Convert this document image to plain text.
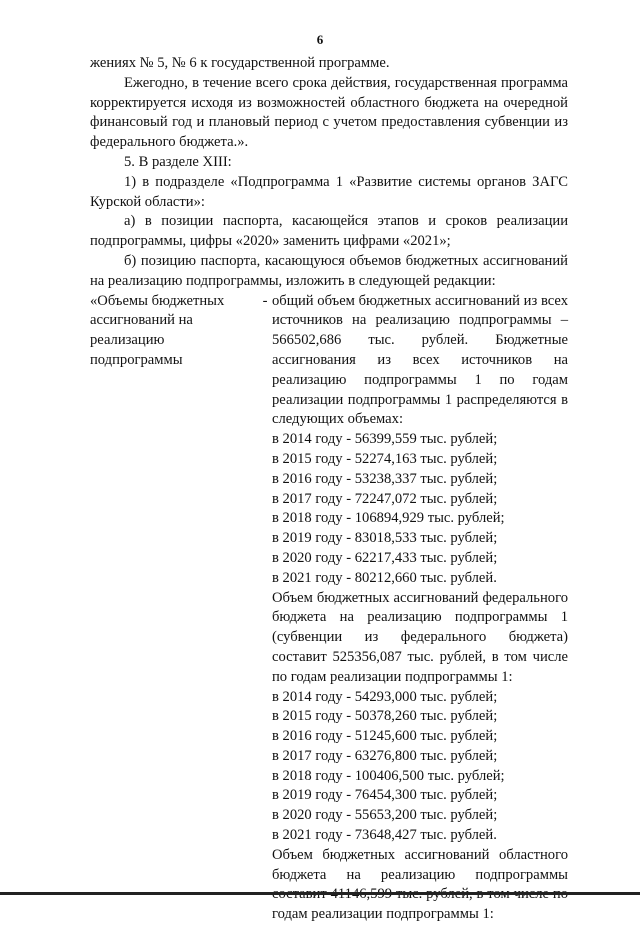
6

жениях № 5, № 6 к государственной программе.

Ежегодно, в течение всего срока действия, государственная программа корректируется исходя из возможностей областного бюджета на очередной финансовый год и плановый период с учетом предоставления субвенции из федерального бюджета.».

5. В разделе XIII:

1) в подразделе «Подпрограмма 1 «Развитие системы органов ЗАГС Курской области»:

а) в позиции паспорта, касающейся этапов и сроков реализации подпрограммы, цифры «2020» заменить цифрами «2021»;

б) позицию паспорта, касающуюся объемов бюджетных ассигнований на реализацию подпрограммы, изложить в следующей редакции:

«Объемы бюджетных ассигнований на реализацию подпрограммы
- общий объем бюджетных ассигнований из всех источников на реализацию подпрограммы – 566502,686 тыс. рублей. Бюджетные ассигнования из всех источников на реализацию подпрограммы 1 по годам реализации подпрограммы 1 распределяются в следующих объемах:

в 2014 году - 56399,559 тыс. рублей;

в 2015 году - 52274,163 тыс. рублей;

в 2016 году - 53238,337 тыс. рублей;

в 2017 году - 72247,072 тыс. рублей;

в 2018 году - 106894,929 тыс. рублей;

в 2019 году - 83018,533 тыс. рублей;

в 2020 году - 62217,433 тыс. рублей;

в 2021 году - 80212,660 тыс. рублей.

Объем бюджетных ассигнований федерального бюджета на реализацию подпрограммы 1 (субвенции из федерального бюджета) составит 525356,087 тыс. рублей, в том числе по годам реализации подпрограммы 1:

в 2014 году - 54293,000 тыс. рублей;

в 2015 году - 50378,260 тыс. рублей;

в 2016 году - 51245,600 тыс. рублей;

в 2017 году - 63276,800 тыс. рублей;

в 2018 году - 100406,500 тыс. рублей;

в 2019 году - 76454,300 тыс. рублей;

в 2020 году - 55653,200 тыс. рублей;

в 2021 году - 73648,427 тыс. рублей.

Объем бюджетных ассигнований областного бюджета на реализацию подпрограммы годам реализации подпрограммы 1:
